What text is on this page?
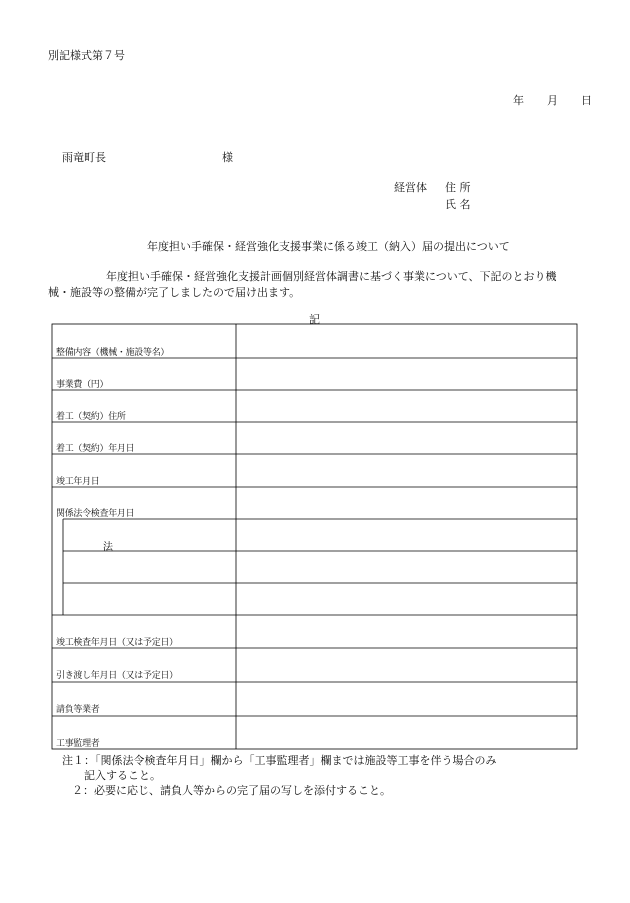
別記様式第７号
年　月　日
雨竜町長	様
経営体 住 所
氏 名
年度担い手確保・経営強化支援事業に係る竣工（納入）届の提出について
年度担い手確保・経営強化支援計画個別経営体調書に基づく事業について、下記のとおり機
械・施設等の整備が完了しましたので届け出ます。
記
整備内容（機械・施設等名）
事業費（円）
着工（契約）住所
着工（契約）年月日
竣工年月日
関係法令検査年月日
法
竣工検査年月日（又は予定日）
引き渡し年月日（又は予定日）
請負等業者
工事監理者
注１：「関係法令検査年月日」欄から「工事監理者」欄までは施設等工事を伴う場合のみ
記入すること。
２：必要に応じ、請負人等からの完了届の写しを添付すること。
